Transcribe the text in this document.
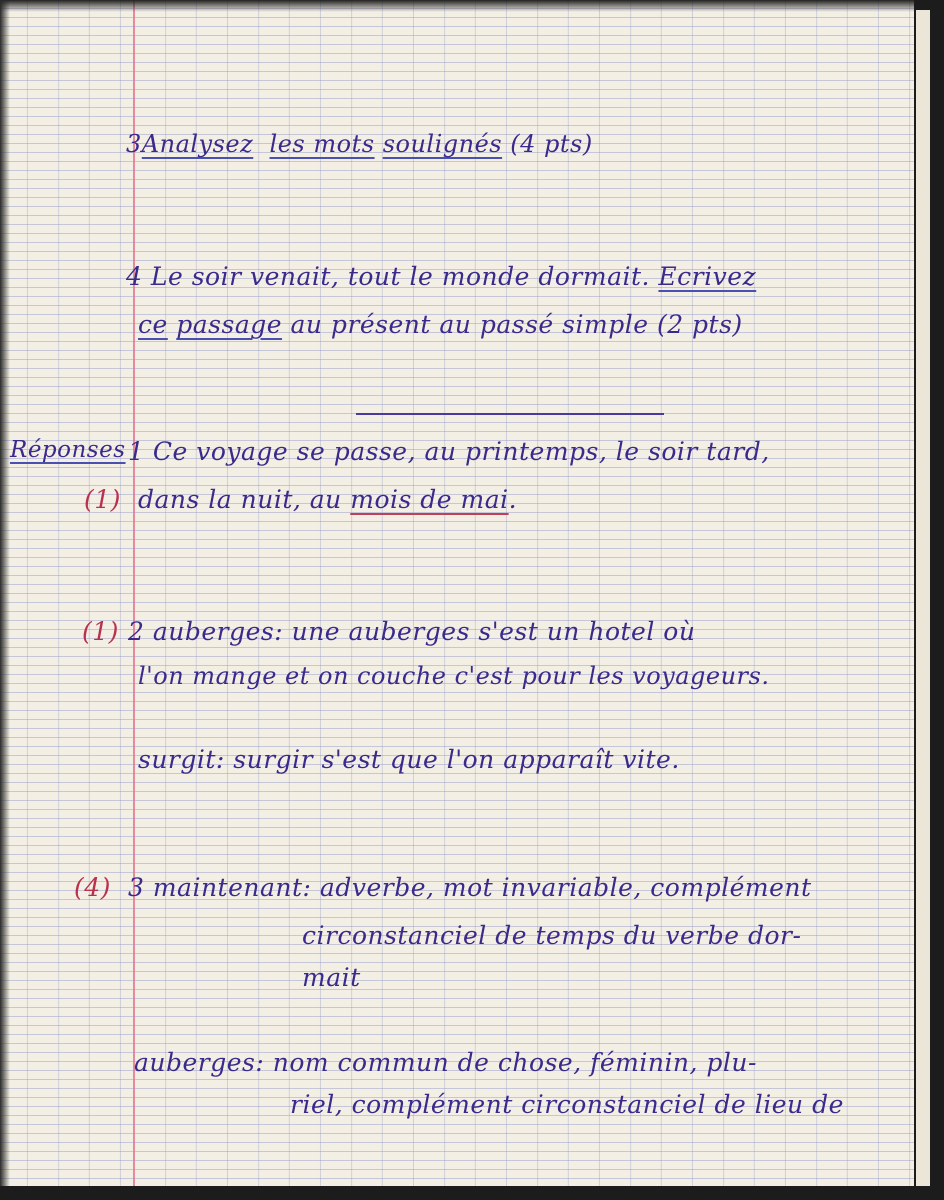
3Analysez les mots soulignés (4 pts)
4 Le soir venait, tout le monde dormait. Ecrivez
ce passage au présent au passé simple (2 pts)
Réponses 1 Ce voyage se passe, au printemps, le soir tard,
(1) dans la nuit, au mois de mai.
(1) 2 auberges: une auberges s'est un hotel où
l'on mange et on couche c'est pour les voyageurs.
surgit: surgir s'est que l'on apparaît vite.
(4) 3 maintenant: adverbe, mot invariable, complément
circonstanciel de temps du verbe dor-
mait
auberges: nom commun de chose, féminin, plu-
riel, complément circonstanciel de lieu de
